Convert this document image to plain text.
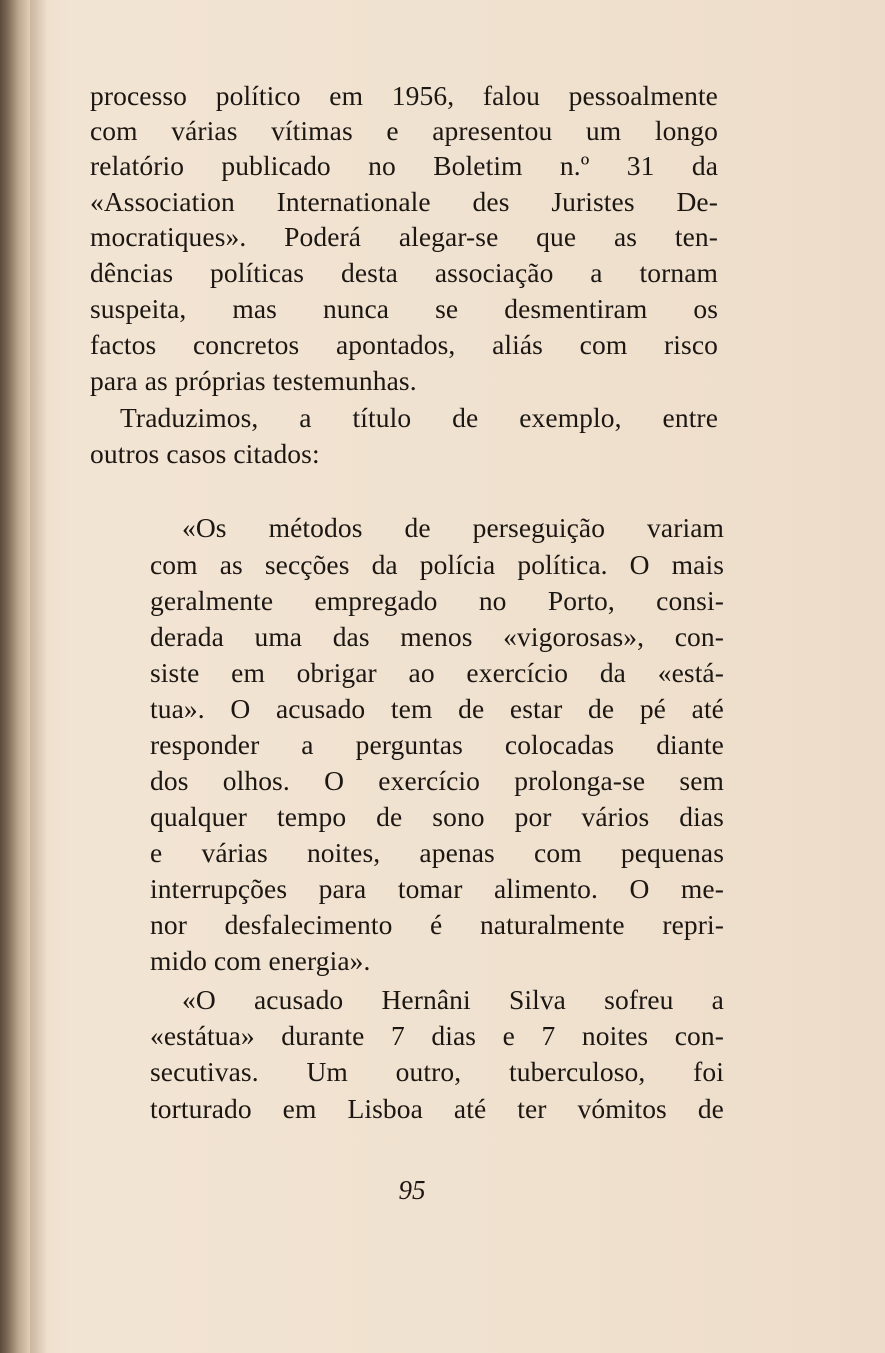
processo político em 1956, falou pessoalmente
com várias vítimas e apresentou um longo
relatório publicado no Boletim n.º 31 da
«Association Internationale des Juristes De-
mocratiques». Poderá alegar-se que as ten-
dências políticas desta associação a tornam
suspeita, mas nunca se desmentiram os
factos concretos apontados, aliás com risco
para as próprias testemunhas.
Traduzimos, a título de exemplo, entre
outros casos citados:
«Os métodos de perseguição variam
com as secções da polícia política. O mais
geralmente empregado no Porto, consi-
derada uma das menos «vigorosas», con-
siste em obrigar ao exercício da «está-
tua». O acusado tem de estar de pé até
responder a perguntas colocadas diante
dos olhos. O exercício prolonga-se sem
qualquer tempo de sono por vários dias
e várias noites, apenas com pequenas
interrupções para tomar alimento. O me-
nor desfalecimento é naturalmente repri-
mido com energia».
«O acusado Hernâni Silva sofreu a
«estátua» durante 7 dias e 7 noites con-
secutivas. Um outro, tuberculoso, foi
torturado em Lisboa até ter vómitos de
95
